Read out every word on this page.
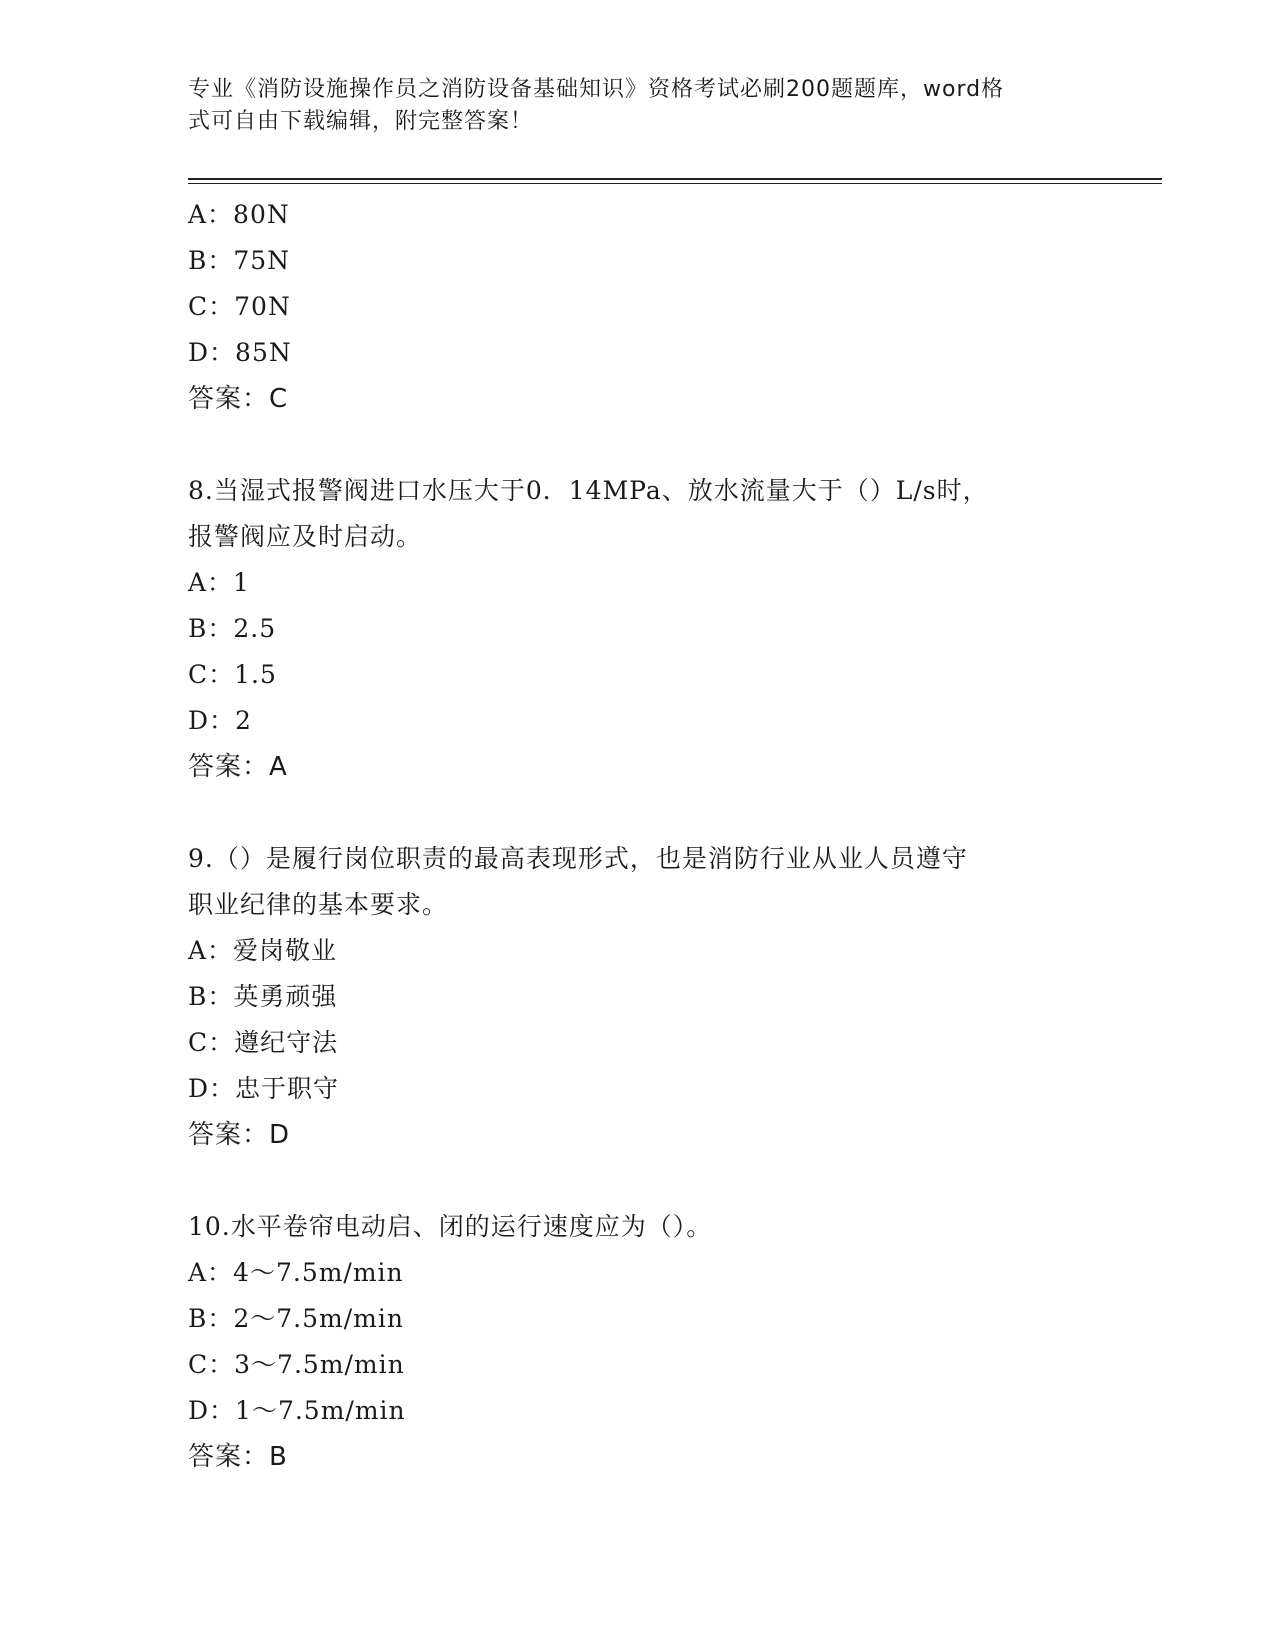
专业《消防设施操作员之消防设备基础知识》资格考试必刷200题题库，word格
式可自由下载编辑，附完整答案！
A：80N
B：75N
C：70N
D：85N
答案：C
8.当湿式报警阀进口水压大于0．14MPa、放水流量大于（）L/s时，
报警阀应及时启动。
A：1
B：2.5
C：1.5
D：2
答案：A
9.（）是履行岗位职责的最高表现形式，也是消防行业从业人员遵守
职业纪律的基本要求。
A：爱岗敬业
B：英勇顽强
C：遵纪守法
D：忠于职守
答案：D
10.水平卷帘电动启、闭的运行速度应为（）。
A：4～7.5m/min
B：2～7.5m/min
C：3～7.5m/min
D：1～7.5m/min
答案：B
